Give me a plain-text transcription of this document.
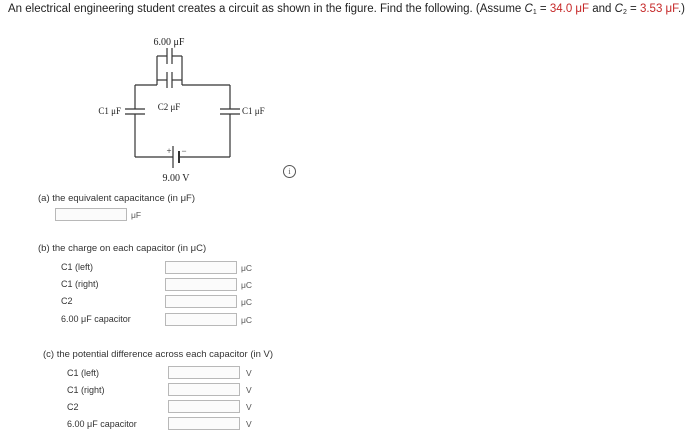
An electrical engineering student creates a circuit as shown in the figure. Find the following. (Assume $C_1 = 34.0$ μF and $C_2 = 3.53$ μF.)
6.00 μF
C2 μF
C1 μF	C1 μF
+ −
9.00 V
i
(a) the equivalent capacitance (in μF)
μF
(b) the charge on each capacitor (in μC)
C1 (left)	μC
C1 (right)	μC
C2	μC
6.00 μF capacitor	μC
(c) the potential difference across each capacitor (in V)
C1 (left)	V
C1 (right)	V
C2	V
6.00 μF capacitor	V
